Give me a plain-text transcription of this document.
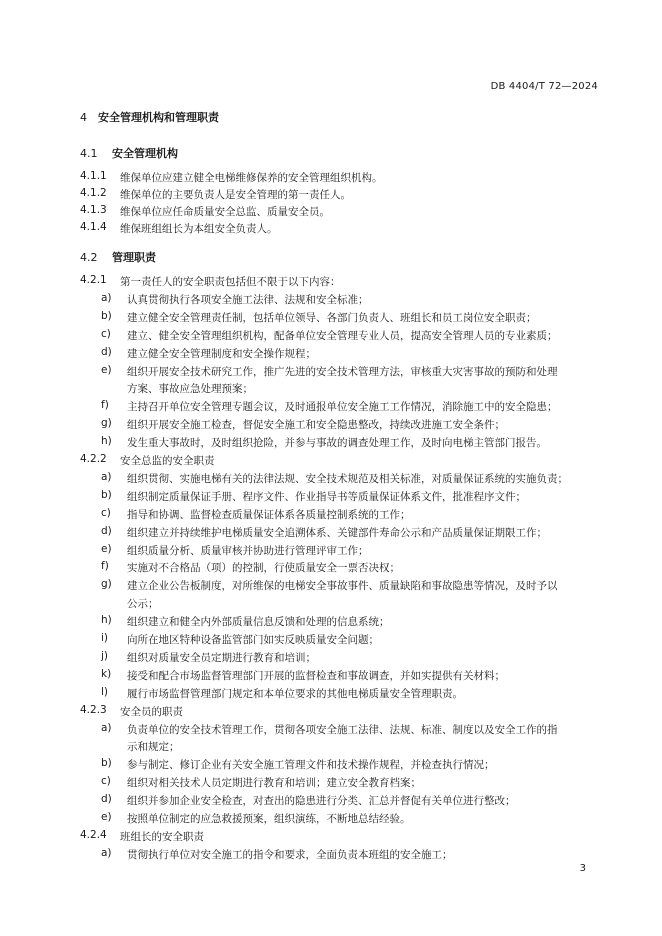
DB 4404/T 72—2024
4 安全管理机构和管理职责
4.1 安全管理机构
4.1.1	维保单位应建立健全电梯维修保养的安全管理组织机构。
4.1.2	维保单位的主要负责人是安全管理的第一责任人。
4.1.3	维保单位应任命质量安全总监、质量安全员。
4.1.4	维保班组组长为本组安全负责人。
4.2 管理职责
4.2.1	第一责任人的安全职责包括但不限于以下内容：
a)	认真贯彻执行各项安全施工法律、法规和安全标准；
b)	建立健全安全管理责任制，包括单位领导、各部门负责人、班组长和员工岗位安全职责；
c)	建立、健全安全管理组织机构，配备单位安全管理专业人员，提高安全管理人员的专业素质；
d)	建立健全安全管理制度和安全操作规程；
e)	组织开展安全技术研究工作，推广先进的安全技术管理方法，审核重大灾害事故的预防和处理
方案、事故应急处理预案；
f)	主持召开单位安全管理专题会议，及时通报单位安全施工工作情况，消除施工中的安全隐患；
g)	组织开展安全施工检查，督促安全施工和安全隐患整改，持续改进施工安全条件；
h)	发生重大事故时，及时组织抢险，并参与事故的调查处理工作，及时向电梯主管部门报告。
4.2.2	安全总监的安全职责
a)	组织贯彻、实施电梯有关的法律法规、安全技术规范及相关标准，对质量保证系统的实施负责；
b)	组织制定质量保证手册、程序文件、作业指导书等质量保证体系文件，批准程序文件；
c)	指导和协调、监督检查质量保证体系各质量控制系统的工作；
d)	组织建立并持续维护电梯质量安全追溯体系、关键部件寿命公示和产品质量保证期限工作；
e)	组织质量分析、质量审核并协助进行管理评审工作；
f)	实施对不合格品（项）的控制，行使质量安全一票否决权；
g)	建立企业公告板制度，对所维保的电梯安全事故事件、质量缺陷和事故隐患等情况，及时予以
公示；
h)	组织建立和健全内外部质量信息反馈和处理的信息系统；
i)	向所在地区特种设备监管部门如实反映质量安全问题；
j)	组织对质量安全员定期进行教育和培训；
k)	接受和配合市场监督管理部门开展的监督检查和事故调查，并如实提供有关材料；
l)	履行市场监督管理部门规定和本单位要求的其他电梯质量安全管理职责。
4.2.3	安全员的职责
a)	负责单位的安全技术管理工作，贯彻各项安全施工法律、法规、标准、制度以及安全工作的指
示和规定；
b)	参与制定、修订企业有关安全施工管理文件和技术操作规程，并检查执行情况；
c)	组织对相关技术人员定期进行教育和培训；建立安全教育档案；
d)	组织并参加企业安全检查，对查出的隐患进行分类、汇总并督促有关单位进行整改；
e)	按照单位制定的应急救援预案，组织演练，不断地总结经验。
4.2.4	班组长的安全职责
a)	贯彻执行单位对安全施工的指令和要求，全面负责本班组的安全施工；
3
